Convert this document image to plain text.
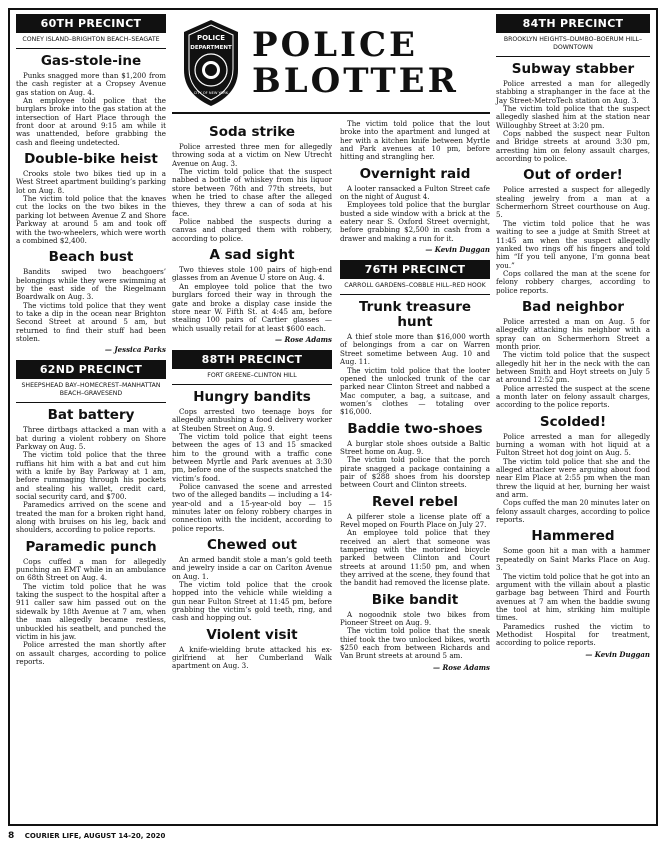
60TH PRECINCT
CONEY ISLAND–BRIGHTON BEACH–SEAGATE
Gas-stole-ine

Punks snagged more than $1,200 from the cash register at a Cropsey Avenue gas station on Aug. 4.

An employee told police that the burglars broke into the gas station at the intersection of Hart Place through the front door at around 9:15 am while it was unattended, before grabbing the cash and fleeing undetected.

Double-bike heist

Crooks stole two bikes tied up in a West Street apartment building’s parking lot on Aug. 8.

The victim told police that the knaves cut the locks on the two bikes in the parking lot between Avenue Z and Shore Parkway at around 5 am and took off with the two-wheelers, which were worth a combined $2,400.

Beach bust

Bandits swiped two beachgoers’ belongings while they were swimming at by the east side of the Riegelmann Boardwalk on Aug. 3.

The victims told police that they went to take a dip in the ocean near Brighton Second Street at around 5 am, but returned to find their stuff had been stolen.

— Jessica Parks
62ND PRECINCT
SHEEPSHEAD BAY–HOMECREST–MANHATTAN BEACH–GRAVESEND
Bat battery

Three dirtbags attacked a man with a bat during a violent robbery on Shore Parkway on Aug. 5.

The victim told police that the three ruffians hit him with a bat and cut him with a knife by Bay Parkway at 1 am, before rummaging through his pockets and stealing his wallet, credit card, social security card, and $700.

Paramedics arrived on the scene and treated the man for a broken right hand, along with bruises on his leg, back and shoulders, according to police reports.

Paramedic punch

Cops cuffed a man for allegedly punching an EMT while in an ambulance on 68th Street on Aug. 4.

The victim told police that he was taking the suspect to the hospital after a 911 caller saw him passed out on the sidewalk by 18th Avenue at 7 am, when the man allegedly became restless, unbuckled his seatbelt, and punched the victim in his jaw.

Police arrested the man shortly after on assault charges, according to police reports.

POLICE
DEPARTMENT
CITY OF NEW YORK
POLICE
BLOTTER
Soda strike

Police arrested three men for allegedly throwing soda at a victim on New Utrecht Avenue on Aug. 3.

The victim told police that the suspect nabbed a bottle of whiskey from his liquor store between 76th and 77th streets, but when he tried to chase after the alleged thieves, they threw a can of soda at his face.

Police nabbed the suspects during a canvas and charged them with robbery, according to police.

A sad sight

Two thieves stole 100 pairs of high-end glasses from an Avenue U store on Aug. 4.

An employee told police that the two burglars forced their way in through the gate and broke a display case inside the store near W. Fifth St. at 4:45 am, before stealing 100 pairs of Cartier glasses — which usually retail for at least $600 each.

— Rose Adams
88TH PRECINCT
FORT GREENE–CLINTON HILL
Hungry bandits

Cops arrested two teenage boys for allegedly ambushing a food delivery worker at Steuben Street on Aug. 9.

The victim told police that eight teens between the ages of 13 and 15 smacked him to the ground with a traffic cone between Myrtle and Park avenues at 3:30 pm, before one of the suspects snatched the victim’s food.

Police canvased the scene and arrested two of the alleged bandits — including a 14-year-old and a 15-year-old boy — 15 minutes later on felony robbery charges in connection with the incident, according to police reports.

Chewed out

An armed bandit stole a man’s gold teeth and jewelry inside a car on Carlton Avenue on Aug. 1.

The victim told police that the crook hopped into the vehicle while wielding a gun near Fulton Street at 11:45 pm, before grabbing the victim’s gold teeth, ring, and cash and hopping out.

Violent visit

A knife-wielding brute attacked his ex-girlfriend at her Cumberland Walk apartment on Aug. 3.

The victim told police that the lout broke into the apartment and lunged at her with a kitchen knife between Myrtle and Park avenues at 10 pm, before hitting and strangling her.

Overnight raid

A looter ransacked a Fulton Street cafe on the night of August 4.

Employees told police that the burglar busted a side window with a brick at the eatery near S. Oxford Street overnight, before grabbing $2,500 in cash from a drawer and making a run for it.

— Kevin Duggan
76TH PRECINCT
CARROLL GARDENS–COBBLE HILL–RED HOOK
Trunk treasure hunt

A thief stole more than $16,000 worth of belongings from a car on Warren Street sometime between Aug. 10 and Aug. 11.

The victim told police that the looter opened the unlocked trunk of the car parked near Clinton Street and nabbed a Mac computer, a bag, a suitcase, and women’s clothes — totaling over $16,000.

Baddie two-shoes

A burglar stole shoes outside a Baltic Street home on Aug. 9.

The victim told police that the porch pirate snagged a package containing a pair of $288 shoes from his doorstep between Court and Clinton streets.

Revel rebel

A pilferer stole a license plate off a Revel moped on Fourth Place on July 27.

An employee told police that they received an alert that someone was tampering with the motorized bicycle parked between Clinton and Court streets at around 11:50 pm, and when they arrived at the scene, they found that the bandit had removed the license plate.

Bike bandit

A nogoodnik stole two bikes from Pioneer Street on Aug. 9.

The victim told police that the sneak thief took the two unlocked bikes, worth $250 each from between Richards and Van Brunt streets at around 5 am.

— Rose Adams
84TH PRECINCT
BROOKLYN HEIGHTS–DUMBO–BOERUM HILL–DOWNTOWN
Subway stabber

Police arrested a man for allegedly stabbing a straphanger in the face at the Jay Street-MetroTech station on Aug. 3.

The victim told police that the suspect allegedly slashed him at the station near Willoughby Street at 3:20 pm.

Cops nabbed the suspect near Fulton and Bridge streets at around 3:30 pm, arresting him on felony assault charges, according to police.

Out of order!

Police arrested a suspect for allegedly stealing jewelry from a man at a Schermerhorn Street courthouse on Aug. 5.

The victim told police that he was waiting to see a judge at Smith Street at 11:45 am when the suspect allegedly yanked two rings off his fingers and told him “If you tell anyone, I’m gonna beat you.”

Cops collared the man at the scene for felony robbery charges, according to police reports.

Bad neighbor

Police arrested a man on Aug. 5 for allegedly attacking his neighbor with a spray can on Schermerhorn Street a month prior.

The victim told police that the suspect allegedly hit her in the neck with the can between Smith and Hoyt streets on July 5 at around 12:52 pm.

Police arrested the suspect at the scene a month later on felony assault charges, according to the police reports.

Scolded!

Police arrested a man for allegedly burning a woman with hot liquid at a Fulton Street hot dog joint on Aug. 5.

The victim told police that she and the alleged attacker were arguing about food near Elm Place at 2:55 pm when the man threw the liquid at her, burning her waist and arm.

Cops cuffed the man 20 minutes later on felony assault charges, according to police reports.

Hammered

Some goon hit a man with a hammer repeatedly on Saint Marks Place on Aug. 3.

The victim told police that he got into an argument with the villain about a plastic garbage bag between Third and Fourth avenues at 7 am when the baddie swung the tool at him, striking him multiple times.

Paramedics rushed the victim to Methodist Hospital for treatment, according to police reports.

— Kevin Duggan
8 COURIER LIFE, AUGUST 14-20, 2020
